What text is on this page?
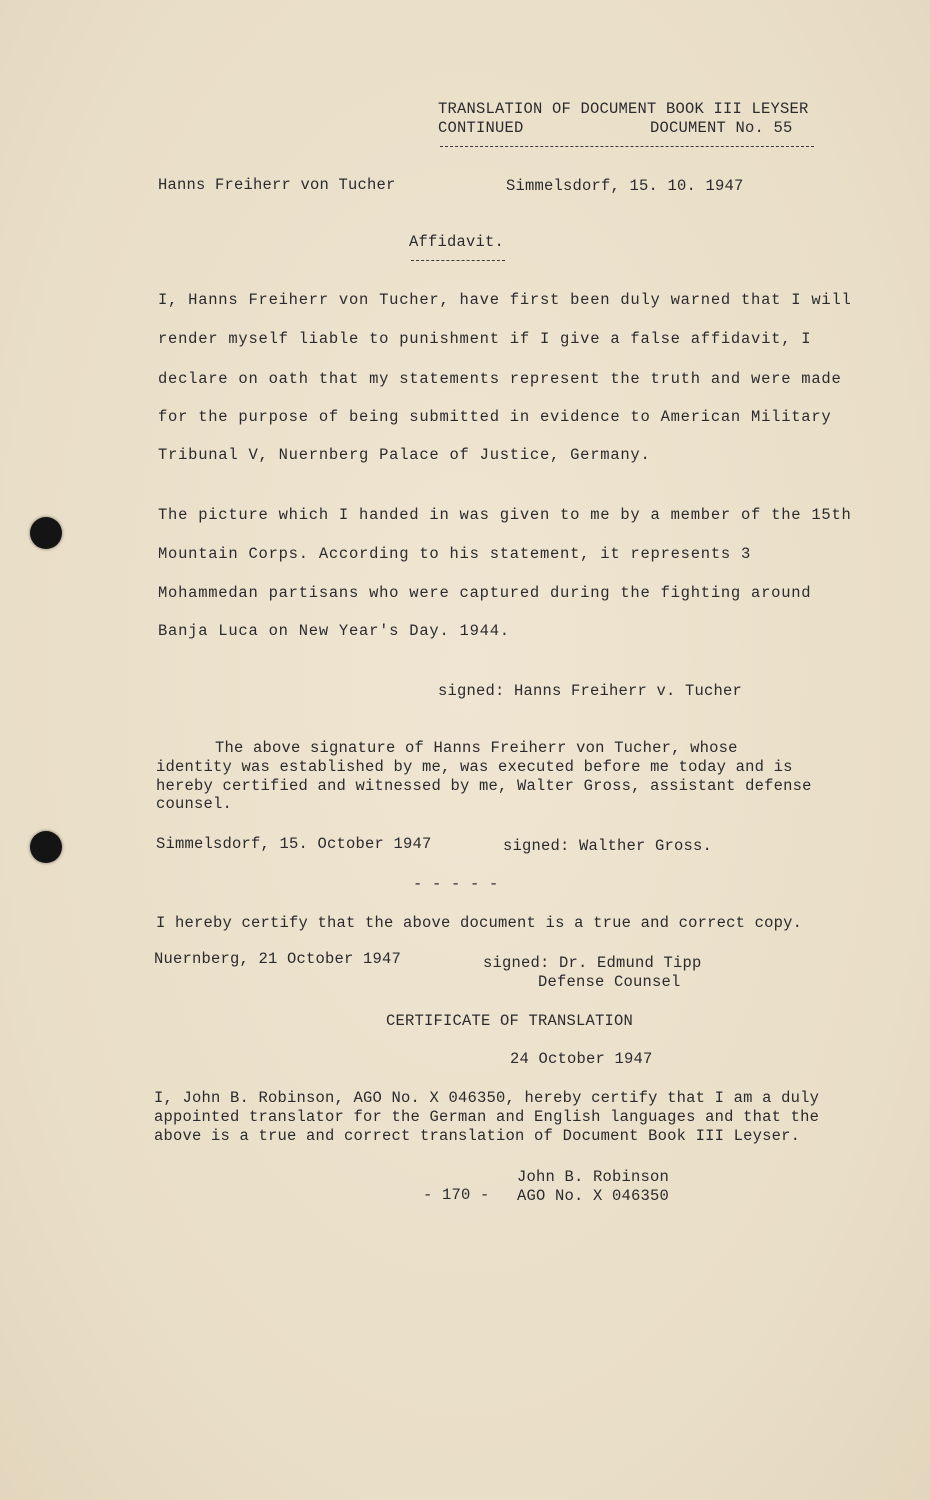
TRANSLATION OF DOCUMENT BOOK III LEYSER
CONTINUED	DOCUMENT No. 55
Hanns Freiherr von Tucher	Simmelsdorf, 15. 10. 1947
Affidavit.
I, Hanns Freiherr von Tucher, have first been duly warned that I will
render myself liable to punishment if I give a false affidavit, I
declare on oath that my statements represent the truth and were made
for the purpose of being submitted in evidence to American Military
Tribunal V, Nuernberg Palace of Justice, Germany.
The picture which I handed in was given to me by a member of the 15th
Mountain Corps. According to his statement, it represents 3
Mohammedan partisans who were captured during the fighting around
Banja Luca on New Year's Day. 1944.
signed: Hanns Freiherr v. Tucher
The above signature of Hanns Freiherr von Tucher, whose
identity was established by me, was executed before me today and is
hereby certified and witnessed by me, Walter Gross, assistant defense
counsel.
Simmelsdorf, 15. October 1947	signed: Walther Gross.
- - - - -
I hereby certify that the above document is a true and correct copy.
Nuernberg, 21 October 1947	signed: Dr. Edmund Tipp
Defense Counsel
CERTIFICATE OF TRANSLATION
24 October 1947
I, John B. Robinson, AGO No. X 046350, hereby certify that I am a duly
appointed translator for the German and English languages and that the
above is a true and correct translation of Document Book III Leyser.
John B. Robinson
- 170 - AGO No. X 046350
